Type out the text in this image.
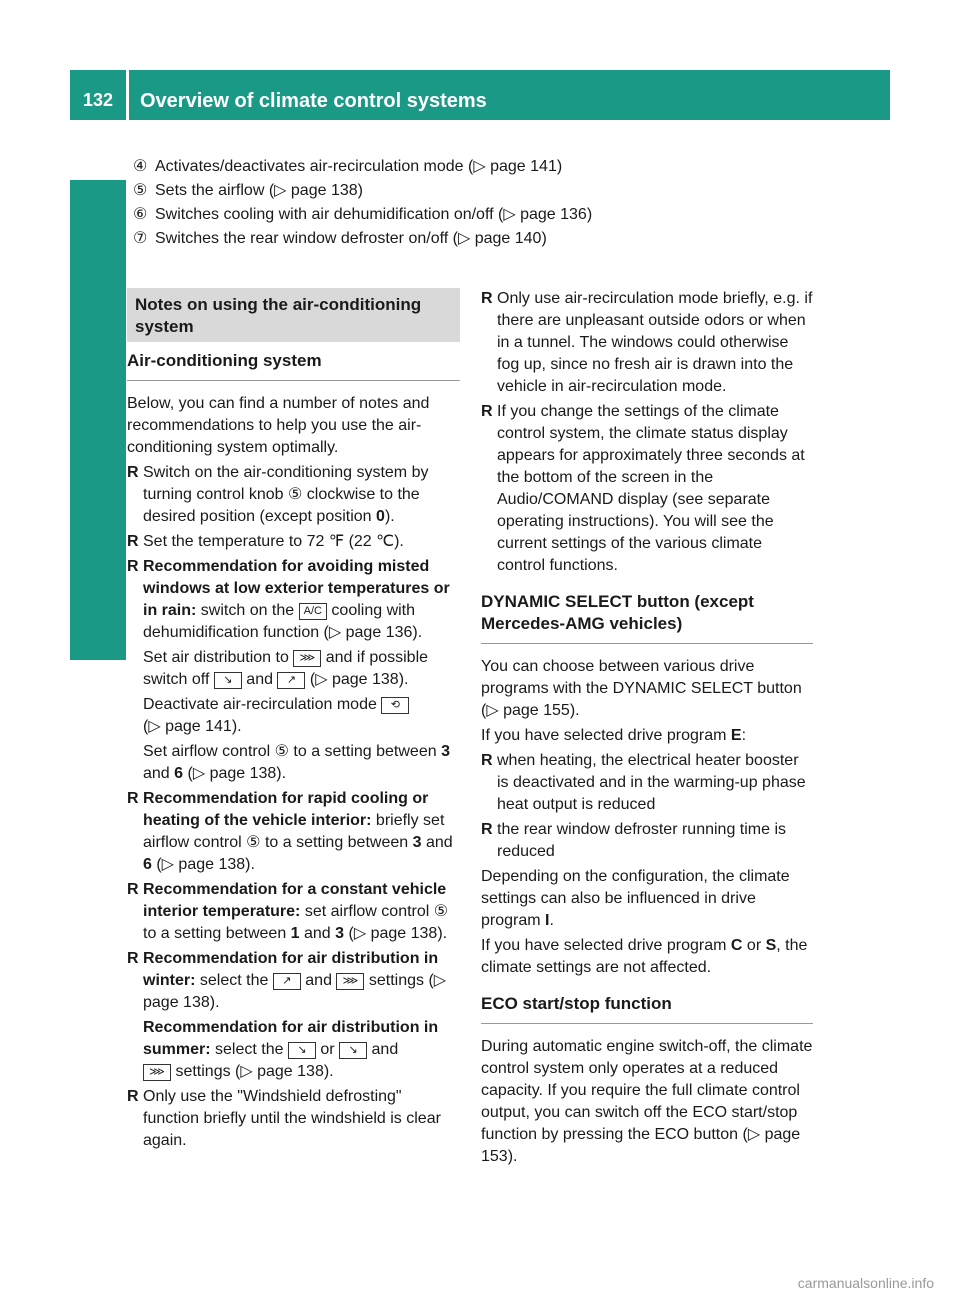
132	Overview of climate control systems
Climate control
④ Activates/deactivates air-recirculation mode (▷ page 141)
⑤ Sets the airflow (▷ page 138)
⑥ Switches cooling with air dehumidification on/off (▷ page 136)
⑦ Switches the rear window defroster on/off (▷ page 140)
Notes on using the air-conditioning system
Air-conditioning system
Below, you can find a number of notes and recommendations to help you use the air-conditioning system optimally.
R Switch on the air-conditioning system by turning control knob ⑤ clockwise to the desired position (except position 0).
R Set the temperature to 72 ℉ (22 ℃).
R Recommendation for avoiding misted windows at low exterior temperatures or in rain: switch on the A/C cooling with dehumidification function (▷ page 136).
Set air distribution to ⋙ and if possible switch off ↘ and ↗ (▷ page 138).
Deactivate air-recirculation mode ⟲
(▷ page 141).
Set airflow control ⑤ to a setting between 3 and 6 (▷ page 138).
R Recommendation for rapid cooling or heating of the vehicle interior: briefly set airflow control ⑤ to a setting between 3 and 6 (▷ page 138).
R Recommendation for a constant vehicle interior temperature: set airflow control ⑤ to a setting between 1 and 3 (▷ page 138).
R Recommendation for air distribution in winter: select the ↗ and ⋙ settings (▷ page 138).
Recommendation for air distribution in summer: select the ↘ or ↘ and
⋙ settings (▷ page 138).
R Only use the "Windshield defrosting" function briefly until the windshield is clear again.
R Only use air-recirculation mode briefly, e.g. if there are unpleasant outside odors or when in a tunnel. The windows could otherwise fog up, since no fresh air is drawn into the vehicle in air-recirculation mode.
R If you change the settings of the climate control system, the climate status display appears for approximately three seconds at the bottom of the screen in the Audio/COMAND display (see separate operating instructions). You will see the current settings of the various climate control functions.
DYNAMIC SELECT button (except Mercedes-AMG vehicles)
You can choose between various drive programs with the DYNAMIC SELECT button (▷ page 155).
If you have selected drive program E:
R when heating, the electrical heater booster is deactivated and in the warming-up phase heat output is reduced
R the rear window defroster running time is reduced
Depending on the configuration, the climate settings can also be influenced in drive program I.
If you have selected drive program C or S, the climate settings are not affected.
ECO start/stop function
During automatic engine switch-off, the climate control system only operates at a reduced capacity. If you require the full climate control output, you can switch off the ECO start/stop function by pressing the ECO button (▷ page 153).
carmanualsonline.info
